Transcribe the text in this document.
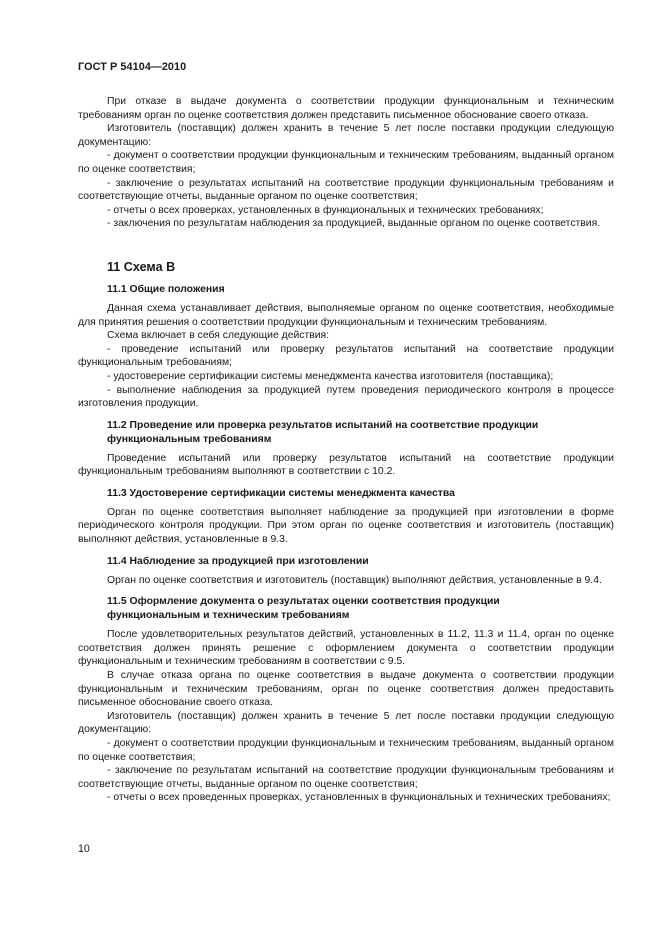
ГОСТ Р 54104—2010

При отказе в выдаче документа о соответствии продукции функциональным и техническим требованиям орган по оценке соответствия должен представить письменное обоснование своего отказа.

Изготовитель (поставщик) должен хранить в течение 5 лет после поставки продукции следующую документацию:

- документ о соответствии продукции функциональным и техническим требованиям, выданный органом по оценке соответствия;

- заключение о результатах испытаний на соответствие продукции функциональным требованиям и соответствующие отчеты, выданные органом по оценке соответствия;

- отчеты о всех проверках, установленных в функциональных и технических требованиях;

- заключения по результатам наблюдения за продукцией, выданные органом по оценке соответствия.

11 Схема В
11.1 Общие положения

Данная схема устанавливает действия, выполняемые органом по оценке соответствия, необходимые для принятия решения о соответствии продукции функциональным и техническим требованиям.

Схема включает в себя следующие действия:

- проведение испытаний или проверку результатов испытаний на соответствие продукции функциональным требованиям;

- удостоверение сертификации системы менеджмента качества изготовителя (поставщика);

- выполнение наблюдения за продукцией путем проведения периодического контроля в процессе изготовления продукции.

11.2 Проведение или проверка результатов испытаний на соответствие продукции
функциональным требованиям

Проведение испытаний или проверку результатов испытаний на соответствие продукции функциональным требованиям выполняют в соответствии с 10.2.

11.3 Удостоверение сертификации системы менеджмента качества

Орган по оценке соответствия выполняет наблюдение за продукцией при изготовлении в форме периодического контроля продукции. При этом орган по оценке соответствия и изготовитель (поставщик) выполняют действия, установленные в 9.3.

11.4 Наблюдение за продукцией при изготовлении

Орган по оценке соответствия и изготовитель (поставщик) выполняют действия, установленные в 9.4.

11.5 Оформление документа о результатах оценки соответствия продукции
функциональным и техническим требованиям

После удовлетворительных результатов действий, установленных в 11.2, 11.3 и 11.4, орган по оценке соответствия должен принять решение с оформлением документа о соответствии продукции функциональным и техническим требованиям в соответствии с 9.5.

В случае отказа органа по оценке соответствия в выдаче документа о соответствии продукции функциональным и техническим требованиям, орган по оценке соответствия должен предоставить письменное обоснование своего отказа.

Изготовитель (поставщик) должен хранить в течение 5 лет после поставки продукции следующую документацию:

- документ о соответствии продукции функциональным и техническим требованиям, выданный органом по оценке соответствия;

- заключение по результатам испытаний на соответствие продукции функциональным требованиям и соответствующие отчеты, выданные органом по оценке соответствия;

- отчеты о всех проведенных проверках, установленных в функциональных и технических требованиях;

10
